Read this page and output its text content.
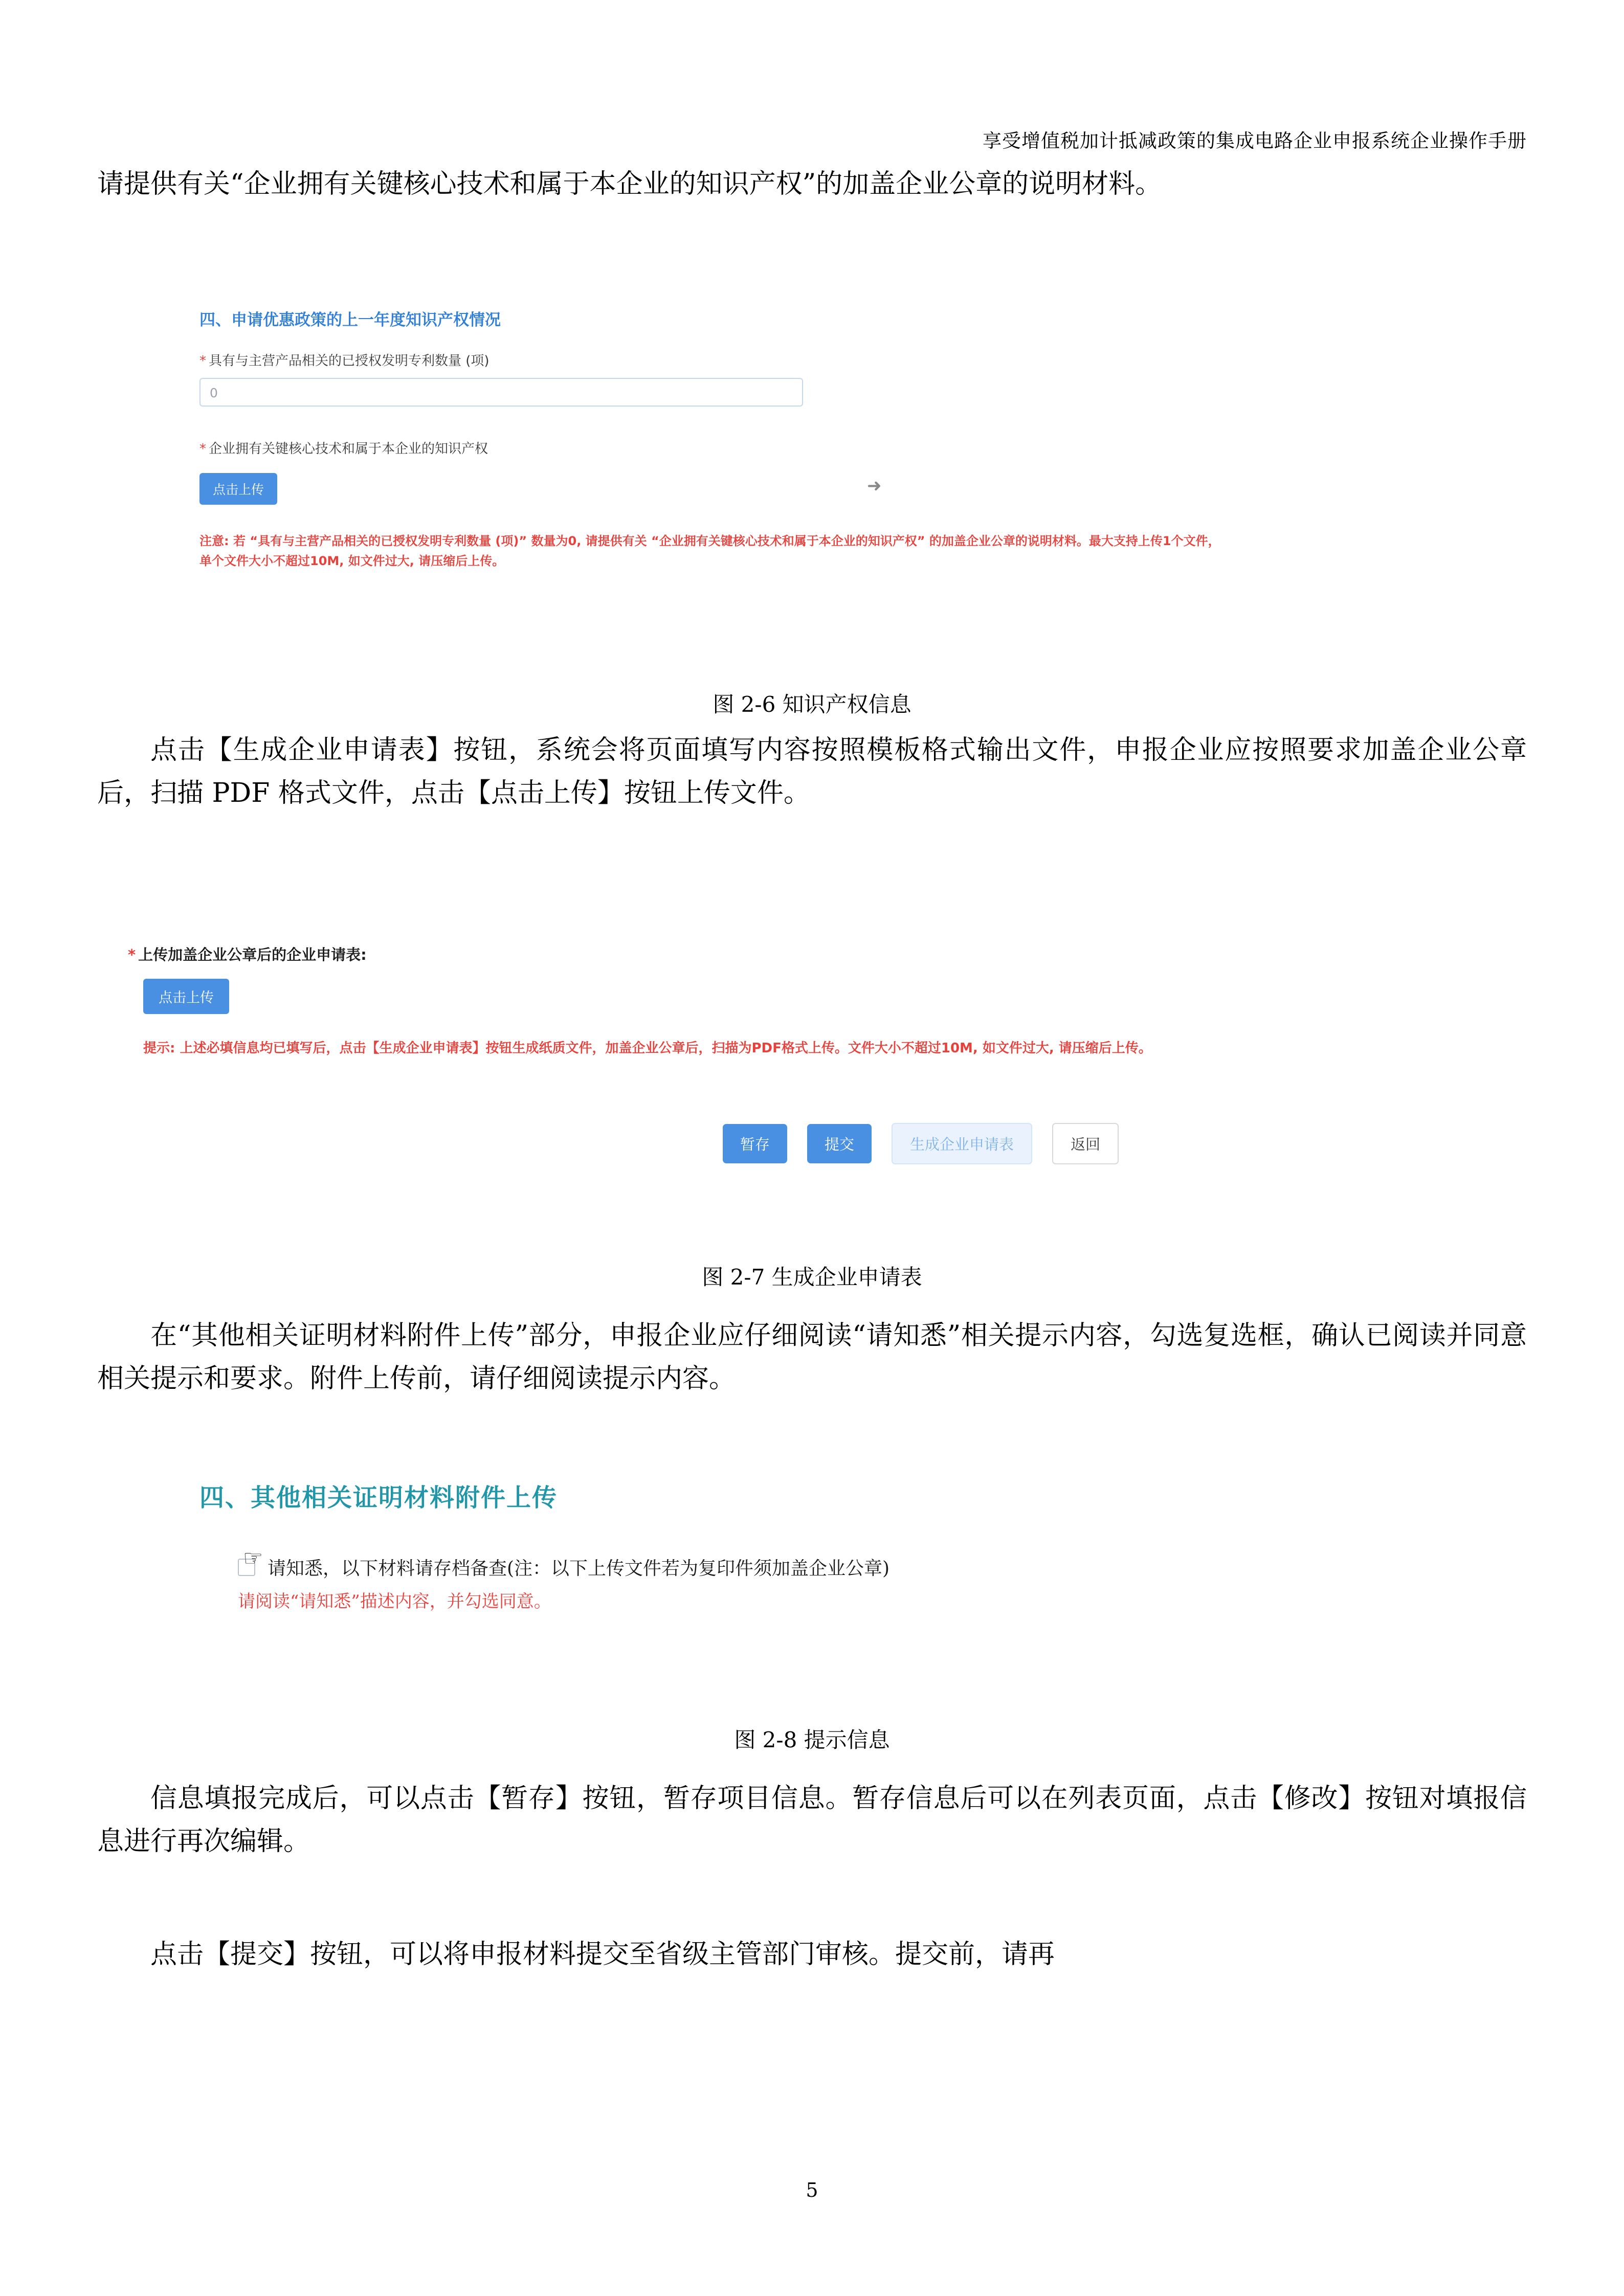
享受增值税加计抵减政策的集成电路企业申报系统企业操作手册

请提供有关“企业拥有关键核心技术和属于本企业的知识产权”的加盖企业公章的说明材料。

四、申请优惠政策的上一年度知识产权情况
* 具有与主营产品相关的已授权发明专利数量 (项)
0
* 企业拥有关键核心技术和属于本企业的知识产权
点击上传
注意: 若 “具有与主营产品相关的已授权发明专利数量 (项)” 数量为0, 请提供有关 “企业拥有关键核心技术和属于本企业的知识产权” 的加盖企业公章的说明材料。最大支持上传1个文件，
单个文件大小不超过10M, 如文件过大, 请压缩后上传。
➜
图 2-6 知识产权信息

点击【生成企业申请表】按钮，系统会将页面填写内容按照模板格式输出文件，申报企业应按照要求加盖企业公章后，扫描 PDF 格式文件，点击【点击上传】按钮上传文件。

* 上传加盖企业公章后的企业申请表:
点击上传
提示: 上述必填信息均已填写后，点击【生成企业申请表】按钮生成纸质文件，加盖企业公章后，扫描为PDF格式上传。文件大小不超过10M, 如文件过大, 请压缩后上传。
暂存	提交	生成企业申请表	返回
图 2-7 生成企业申请表

在“其他相关证明材料附件上传”部分，申报企业应仔细阅读“请知悉”相关提示内容，勾选复选框，确认已阅读并同意相关提示和要求。附件上传前，请仔细阅读提示内容。

四、其他相关证明材料附件上传
请知悉，以下材料请存档备查(注：以下上传文件若为复印件须加盖企业公章)
请阅读“请知悉”描述内容，并勾选同意。
☞
图 2-8 提示信息

信息填报完成后，可以点击【暂存】按钮，暂存项目信息。暂存信息后可以在列表页面，点击【修改】按钮对填报信息进行再次编辑。

点击【提交】按钮，可以将申报材料提交至省级主管部门审核。提交前，请再

5
